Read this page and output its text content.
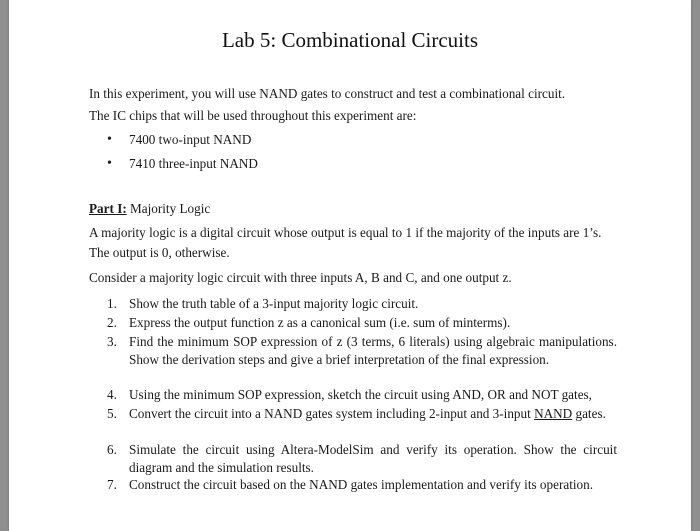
Lab 5: Combinational Circuits
In this experiment, you will use NAND gates to construct and test a combinational circuit.
The IC chips that will be used throughout this experiment are:
•	7400 two-input NAND
•	7410 three-input NAND
Part I: Majority Logic
A majority logic is a digital circuit whose output is equal to 1 if the majority of the inputs are 1’s.
The output is 0, otherwise.
Consider a majority logic circuit with three inputs A, B and C, and one output z.
1. Show the truth table of a 3-input majority logic circuit.
2. Express the output function z as a canonical sum (i.e. sum of minterms).
3. Find the minimum SOP expression of z (3 terms, 6 literals) using algebraic manipulations. Show the derivation steps and give a brief interpretation of the final expression.
4. Using the minimum SOP expression, sketch the circuit using AND, OR and NOT gates,
5. Convert the circuit into a NAND gates system including 2-input and 3-input NAND gates.
6. Simulate the circuit using Altera-ModelSim and verify its operation. Show the circuit diagram and the simulation results.
7. Construct the circuit based on the NAND gates implementation and verify its operation.
